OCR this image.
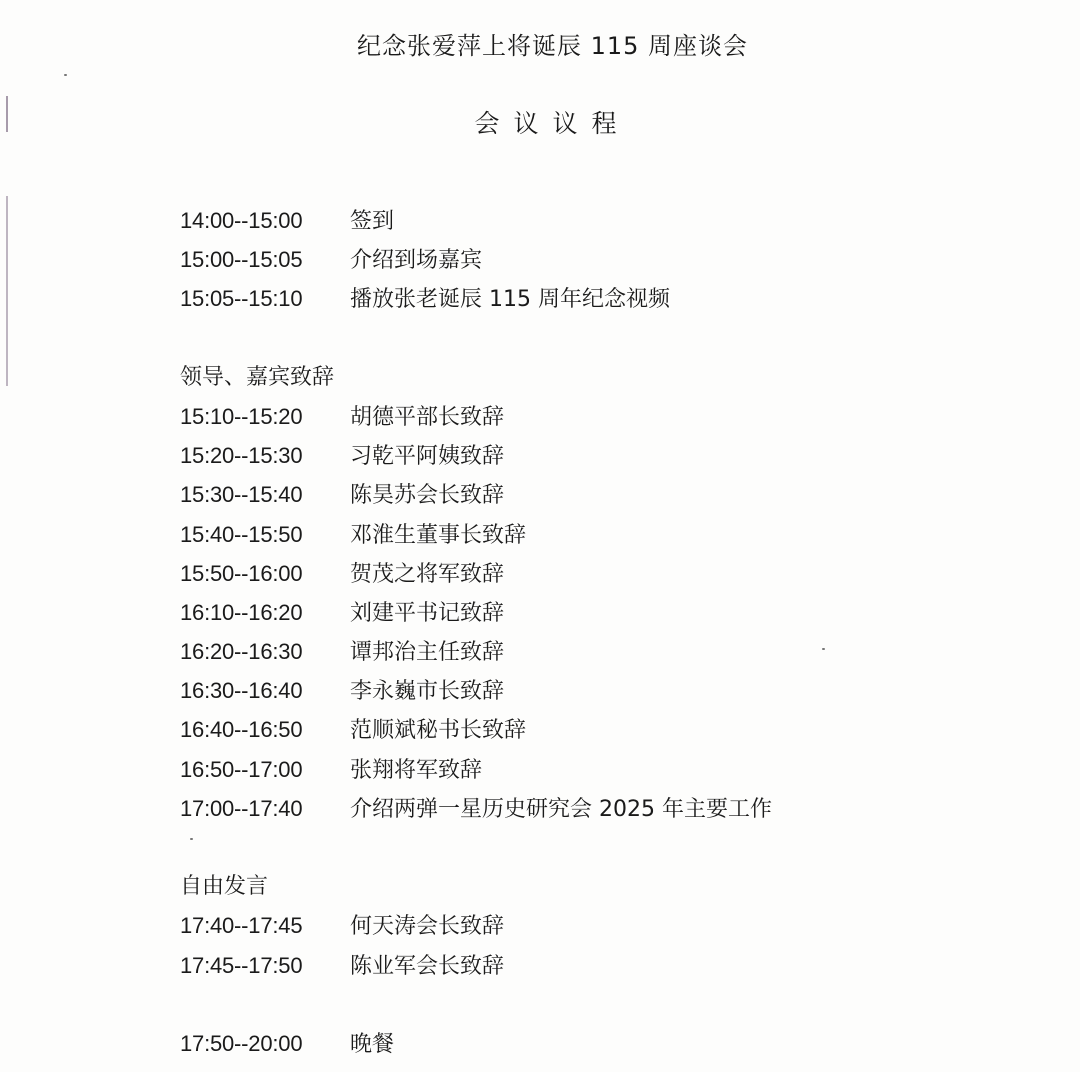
纪念张爱萍上将诞辰 115 周座谈会
会议议程
14:00--15:00	签到
15:00--15:05	介绍到场嘉宾
15:05--15:10	播放张老诞辰 115 周年纪念视频
领导、嘉宾致辞
15:10--15:20	胡德平部长致辞
15:20--15:30	习乾平阿姨致辞
15:30--15:40	陈昊苏会长致辞
15:40--15:50	邓淮生董事长致辞
15:50--16:00	贺茂之将军致辞
16:10--16:20	刘建平书记致辞
16:20--16:30	谭邦治主任致辞
16:30--16:40	李永巍市长致辞
16:40--16:50	范顺斌秘书长致辞
16:50--17:00	张翔将军致辞
17:00--17:40	介绍两弹一星历史研究会 2025 年主要工作
自由发言
17:40--17:45	何天涛会长致辞
17:45--17:50	陈业军会长致辞
17:50--20:00	晚餐
